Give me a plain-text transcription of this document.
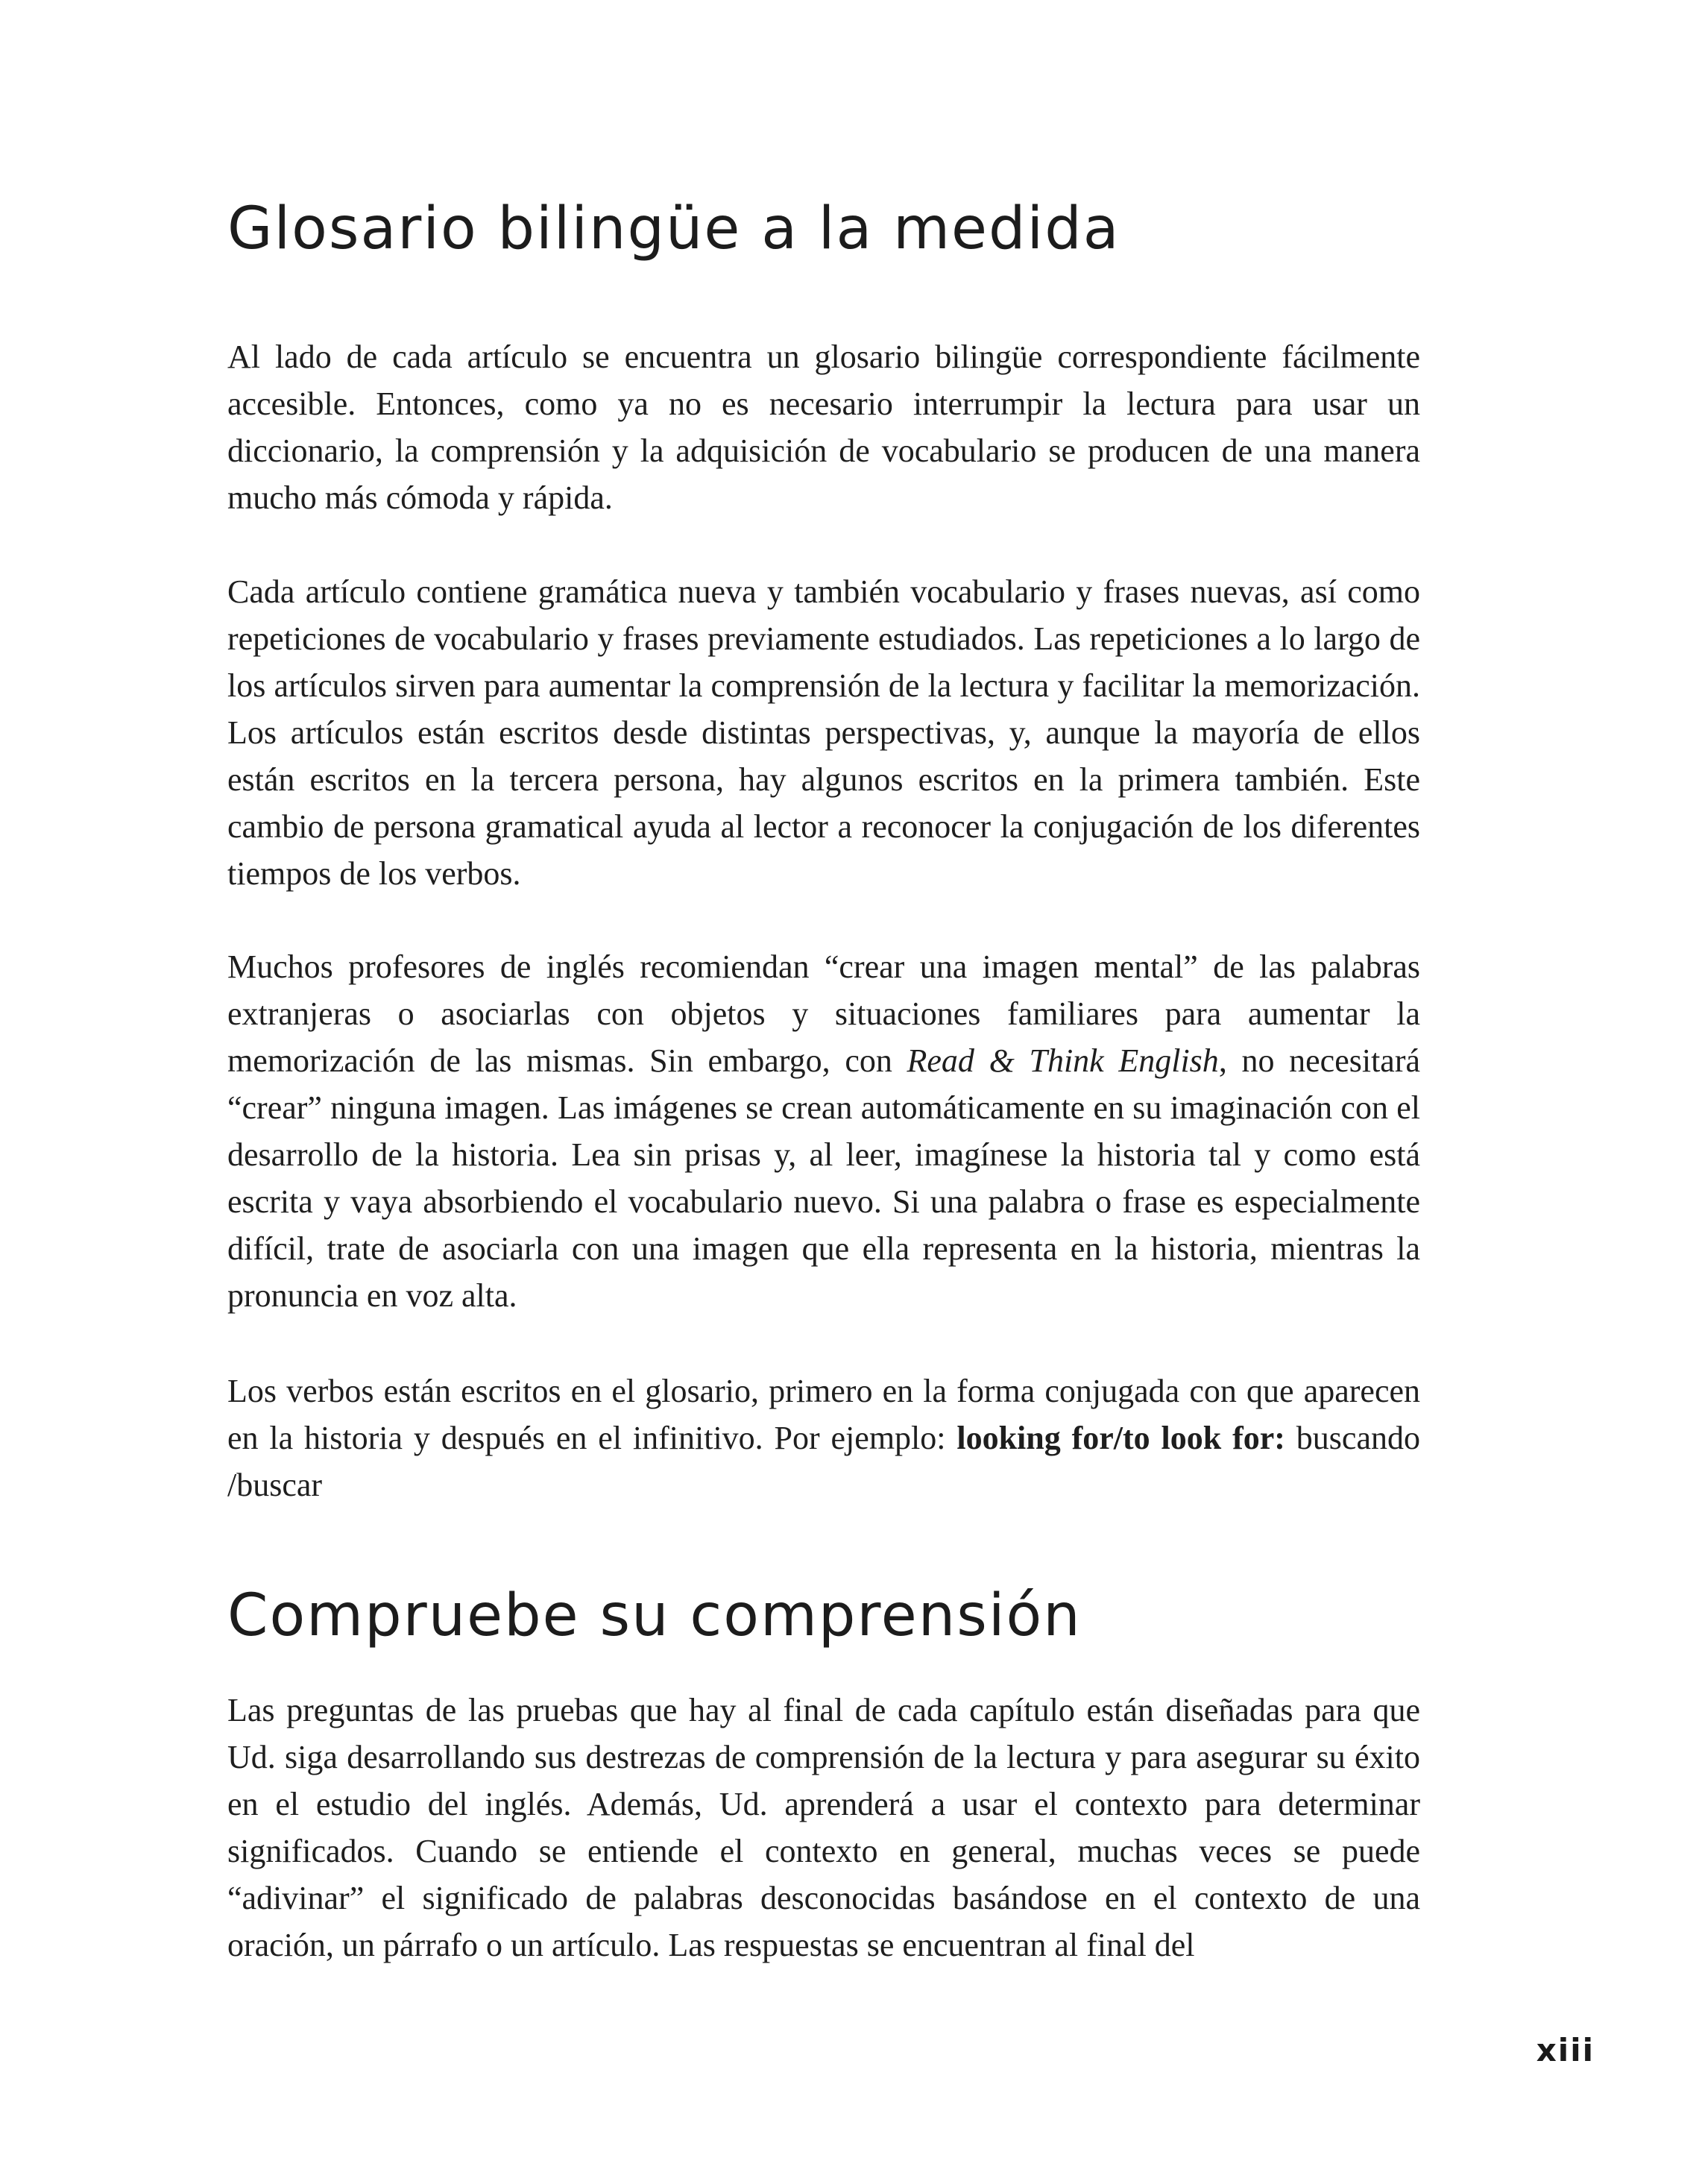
Glosario bilingüe a la medida

Al lado de cada artículo se encuentra un glosario bilingüe correspondiente fácilmente accesible. Entonces, como ya no es necesario interrumpir la lectura para usar un diccionario, la comprensión y la adquisición de vocabulario se producen de una manera mucho más cómoda y rápida.

Cada artículo contiene gramática nueva y también vocabulario y frases nuevas, así como repeticiones de vocabulario y frases previamente estudiados. Las repeticiones a lo largo de los artículos sirven para aumentar la comprensión de la lectura y facilitar la memorización. Los artículos están escritos desde distintas perspectivas, y, aunque la mayoría de ellos están escritos en la tercera persona, hay algunos escritos en la primera también. Este cambio de persona gramatical ayuda al lector a reconocer la conjugación de los diferentes tiempos de los verbos.

Muchos profesores de inglés recomiendan “crear una imagen mental” de las palabras extranjeras o asociarlas con objetos y situaciones familiares para aumentar la memorización de las mismas. Sin embargo, con Read & Think English, no necesitará “crear” ninguna imagen. Las imágenes se crean automáticamente en su imaginación con el desarrollo de la historia. Lea sin prisas y, al leer, imagínese la historia tal y como está escrita y vaya absorbiendo el vocabulario nuevo. Si una palabra o frase es especialmente difícil, trate de asociarla con una imagen que ella representa en la historia, mientras la pronuncia en voz alta.

Los verbos están escritos en el glosario, primero en la forma conjugada con que aparecen en la historia y después en el infinitivo. Por ejemplo: looking for/to look for: buscando /buscar

Compruebe su comprensión

Las preguntas de las pruebas que hay al final de cada capítulo están diseñadas para que Ud. siga desarrollando sus destrezas de comprensión de la lectura y para asegurar su éxito en el estudio del inglés. Además, Ud. aprenderá a usar el contexto para determinar significados. Cuando se entiende el contexto en general, muchas veces se puede “adivinar” el significado de palabras desconocidas basándose en el contexto de una oración, un párrafo o un artículo. Las respuestas se encuentran al final del

xiii
